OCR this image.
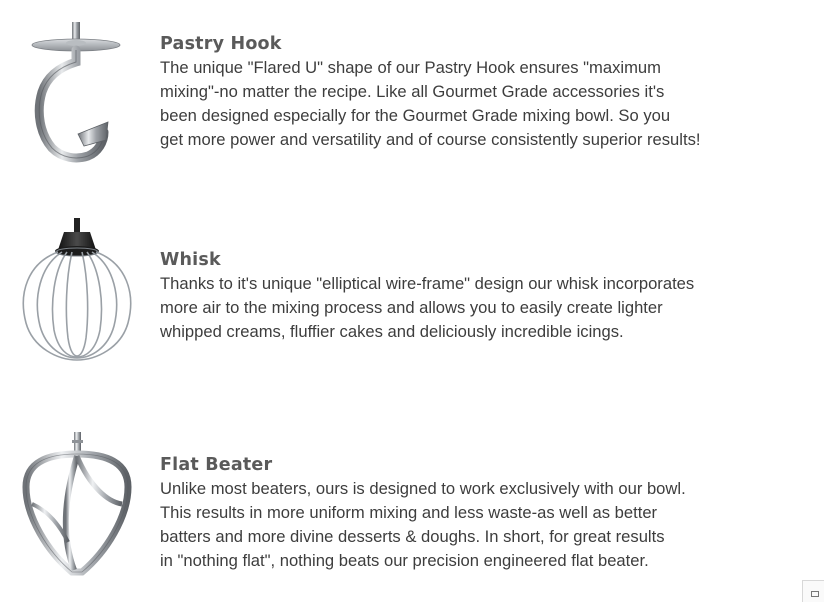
Pastry Hook

The unique "Flared U" shape of our Pastry Hook ensures "maximum
mixing"-no matter the recipe. Like all Gourmet Grade accessories it's
been designed especially for the Gourmet Grade mixing bowl. So you
get more power and versatility and of course consistently superior results!

Whisk

Thanks to it's unique "elliptical wire-frame" design our whisk incorporates
more air to the mixing process and allows you to easily create lighter
whipped creams, fluffier cakes and deliciously incredible icings.

Flat Beater

Unlike most beaters, ours is designed to work exclusively with our bowl.
This results in more uniform mixing and less waste-as well as better
batters and more divine desserts & doughs. In short, for great results
in "nothing flat", nothing beats our precision engineered flat beater.
